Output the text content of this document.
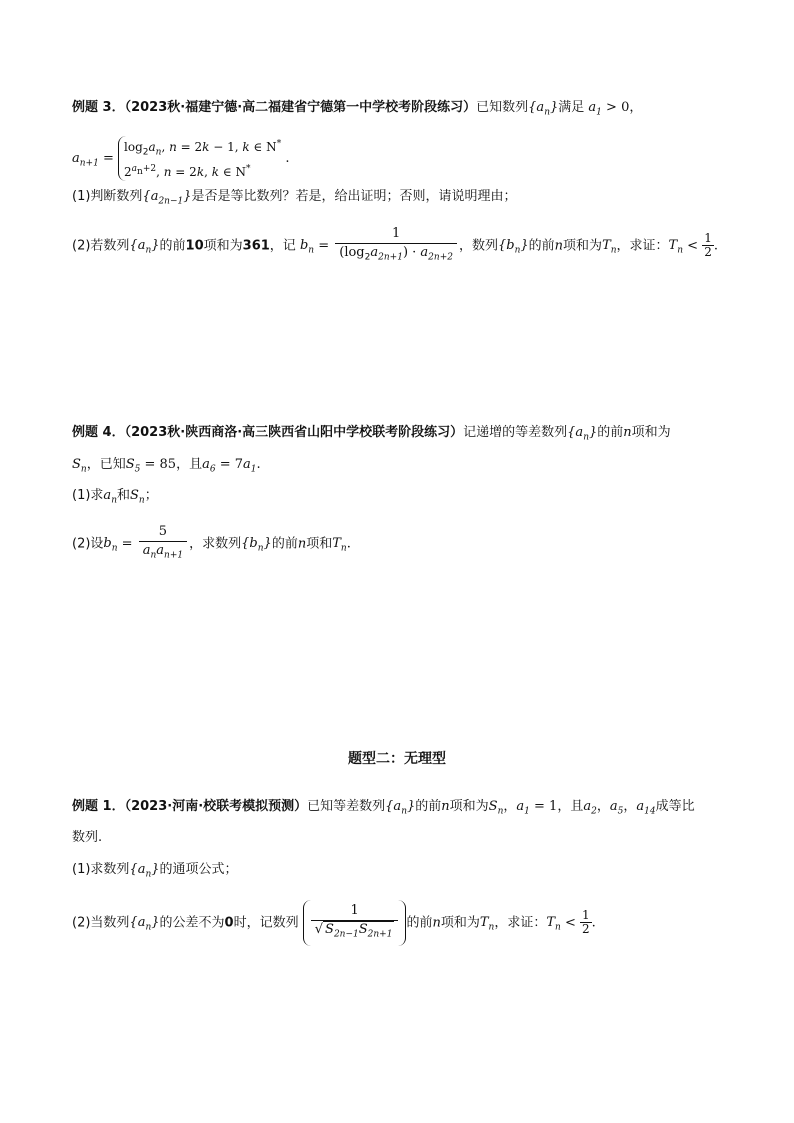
例题 3．（2023秋·福建宁德·高二福建省宁德第一中学校考阶段练习）已知数列$\{a_n\}$满足 $a_1 > 0$，
$a_{n+1}$ =
$\log_2a_n$, n = 2k − 1, k ∈ N*
$2^{a_n+2}$, n = 2k, k ∈ N*
.
(1)判断数列$\{a_{2n-1}\}$是否是等比数列？若是，给出证明；否则，请说明理由；
(2)若数列$\{a_n\}$的前10项和为361，记 $b_n = \frac{1}{(\log_2a_{2n+1}) \cdot a_{2n+2}}$ ，数列$\{b_n\}$的前n项和为$T_n$，求证：$T_n < \frac{1}{2}$ .
例题 4．（2023秋·陕西商洛·高三陕西省山阳中学校联考阶段练习）记递增的等差数列$\{a_n\}$的前n项和为
$S_n$，已知$S_5 = 85$，且$a_6 = 7a_1$.
(1)求$a_n$和$S_n$；
(2)设$b_n = \frac{5}{a_na_{n+1}}$ ，求数列$\{b_n\}$的前n项和$T_n$.
题型二：无理型
例题 1．（2023·河南·校联考模拟预测）已知等差数列$\{a_n\}$的前n项和为$S_n$，$a_1 = 1$，且$a_2$，$a_5$，$a_{14}$成等比
数列.
(1)求数列$\{a_n\}$的通项公式；
(2)当数列$\{a_n\}$的公差不为0时，记数列 $\frac{1}{√ S_{2n-1}S_{2n+1}}$ 的前n项和为$T_n$，求证：$T_n < \frac{1}{2}$ .
